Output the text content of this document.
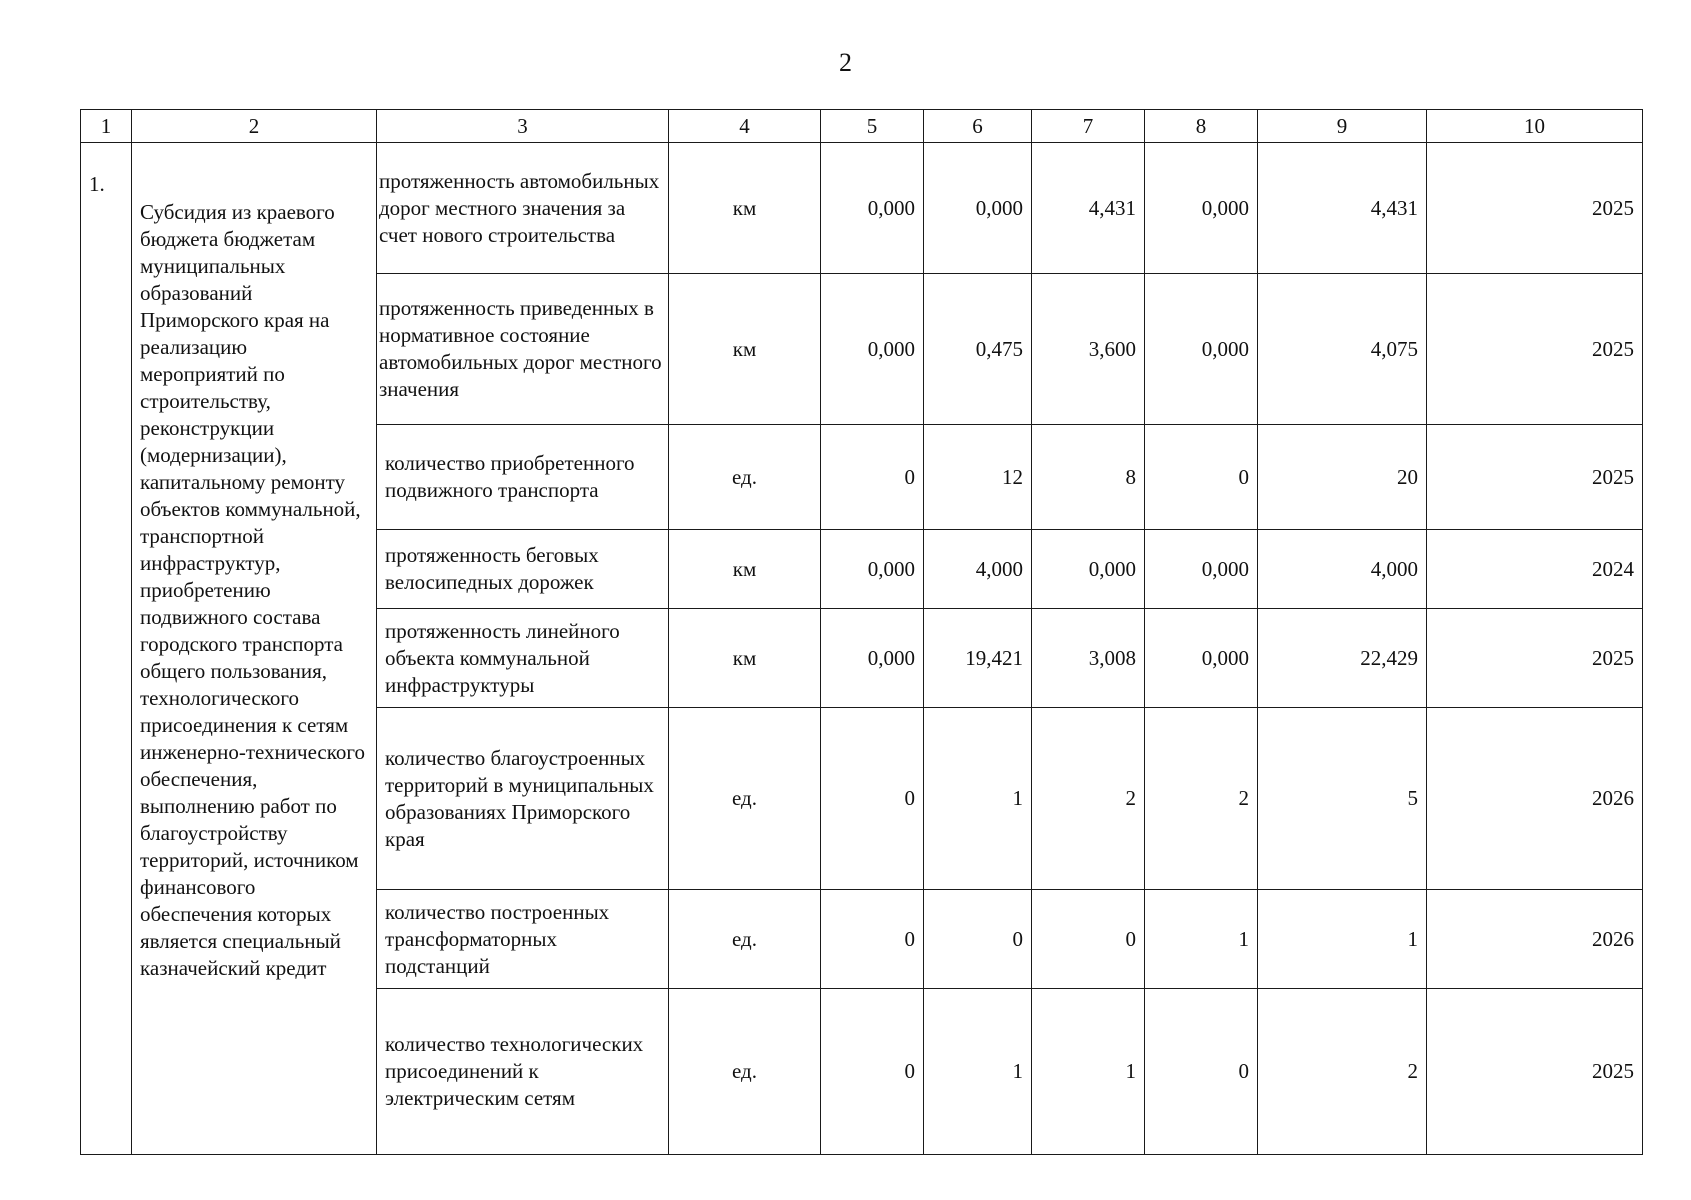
2
1	2	3	4	5	6	7	8	9	10
1.	Субсидия из краевого бюджета бюджетам муниципальных образований Приморского края на реализацию мероприятий по строительству, реконструкции (модернизации), капитальному ремонту объектов коммунальной, транспортной инфраструктур, приобретению подвижного состава городского транспорта общего пользования, технологического присоединения к сетям инженерно-технического обеспечения, выполнению работ по благоустройству территорий, источником финансового обеспечения которых является специальный казначейский кредит	протяженность автомобильных дорог местного значения за счет нового строительства	км	0,000	0,000	4,431	0,000	4,431	2025
		протяженность приведенных в нормативное состояние автомобильных дорог местного значения	км	0,000	0,475	3,600	0,000	4,075	2025
		количество приобретенного подвижного транспорта	ед.	0	12	8	0	20	2025
		протяженность беговых велосипедных дорожек	км	0,000	4,000	0,000	0,000	4,000	2024
		протяженность линейного объекта коммунальной инфраструктуры	км	0,000	19,421	3,008	0,000	22,429	2025
		количество благоустроенных территорий в муниципальных образованиях Приморского края	ед.	0	1	2	2	5	2026
		количество построенных трансформаторных подстанций	ед.	0	0	0	1	1	2026
		количество технологических присоединений к электрическим сетям	ед.	0	1	1	0	2	2025
